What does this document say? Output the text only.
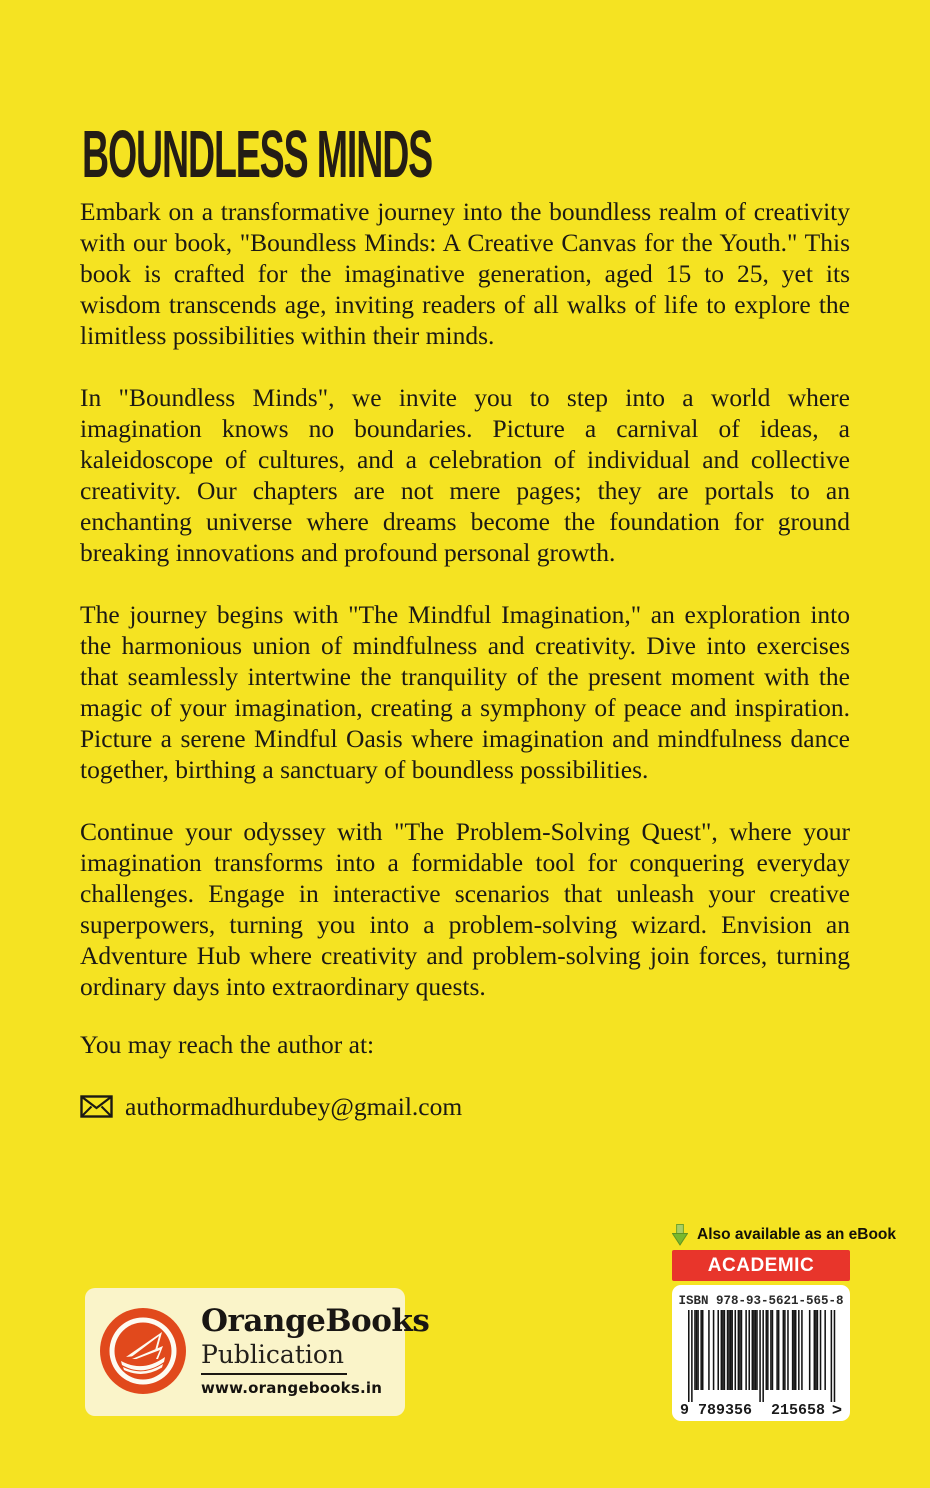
BOUNDLESS MINDS

Embark on a transformative journey into the boundless realm of creativity with our book, "Boundless Minds: A Creative Canvas for the Youth." This book is crafted for the imaginative generation, aged 15 to 25, yet its wisdom transcends age, inviting readers of all walks of life to explore the limitless possibilities within their minds.

In "Boundless Minds", we invite you to step into a world where imagination knows no boundaries. Picture a carnival of ideas, a kaleidoscope of cultures, and a celebration of individual and collective creativity. Our chapters are not mere pages; they are portals to an enchanting universe where dreams become the foundation for ground breaking innovations and profound personal growth.

The journey begins with "The Mindful Imagination," an exploration into the harmonious union of mindfulness and creativity. Dive into exercises that seamlessly intertwine the tranquility of the present moment with the magic of your imagination, creating a symphony of peace and inspiration. Picture a serene Mindful Oasis where imagination and mindfulness dance together, birthing a sanctuary of boundless possibilities.

Continue your odyssey with "The Problem-Solving Quest", where your imagination transforms into a formidable tool for conquering everyday challenges. Engage in interactive scenarios that unleash your creative superpowers, turning you into a problem-solving wizard. Envision an Adventure Hub where creativity and problem-solving join forces, turning ordinary days into extraordinary quests.

You may reach the author at:

authormadhurdubey@gmail.com
OrangeBooks
Publication
www.orangebooks.in
Also available as an eBook
ACADEMIC
ISBN 978-93-5621-565-8
9 789356 215658 >
